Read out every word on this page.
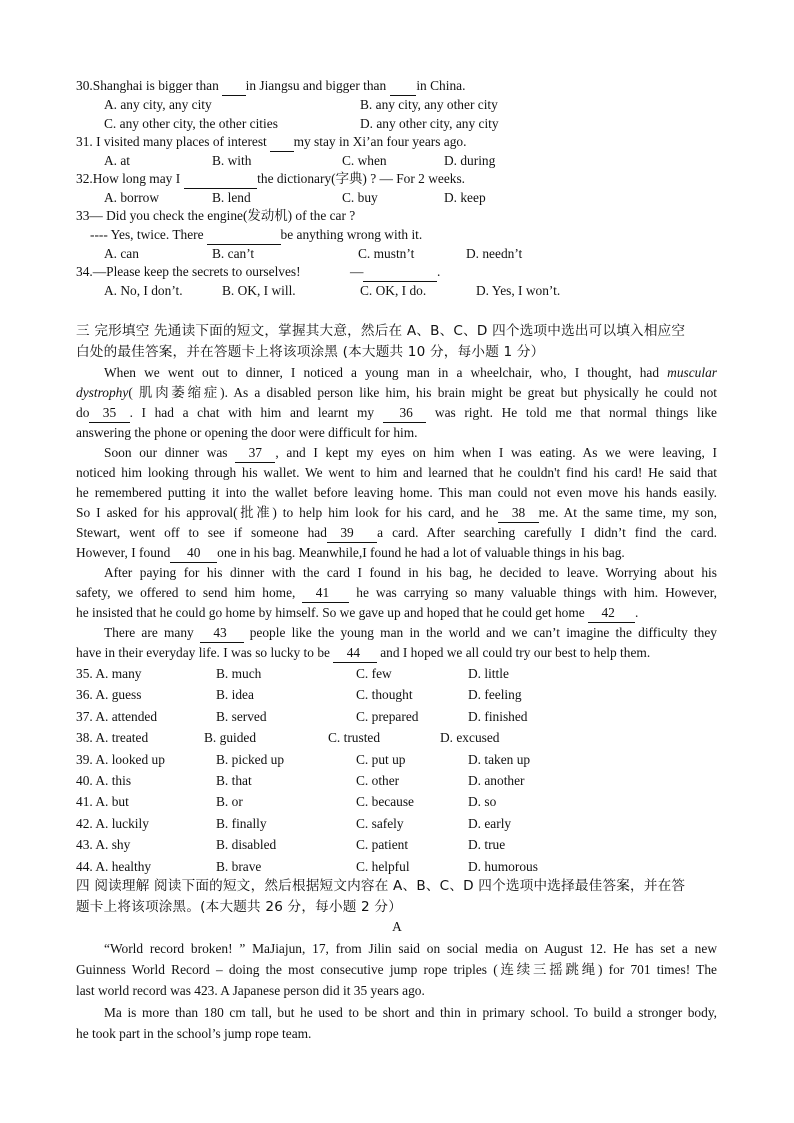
30.Shanghai is bigger than        in Jiangsu and bigger than         in China.
A. any city, any city	B. any city, any other city
C. any other city, the other cities	D. any other city, any city
31. I visited many places of interest        my stay in Xi’an four years ago.
A. at	B. with	C. when	D. during
32.How long may I	the dictionary(字典) ? — For 2 weeks.
A. borrow	B. lend	C. buy	D. keep
33— Did you check the engine(发动机) of the car ?
---- Yes, twice. There	be anything wrong with it.
A. can	B. can’t	C. mustn’t	D. needn’t
34.—Please keep the secrets to ourselves!	—	.
A. No, I don’t.	B. OK, I will.	C. OK, I do.	D. Yes, I won’t.
三 完形填空 先通读下面的短文，掌握其大意，然后在 A、B、C、D 四个选项中选出可以填入相应空
白处的最佳答案，并在答题卡上将该项涂黑 (本大题共 10 分，每小题 1 分）
When we went out to dinner, I noticed a young man in a wheelchair, who, I thought, had muscular
dystrophy( 肌肉萎缩症). As a disabled person like him, his brain might be great but physically he could not
do    35    . I had a chat with him and learnt my      36     was right. He told me that normal things like
answering the phone or opening the door were difficult for him.
Soon our dinner was     37    , and I kept my eyes on him when I was eating. As we were leaving, I
noticed him looking through his wallet. We went to him and learned that he couldn't find his card! He said that
he remembered putting it into the wallet before leaving home. This man could not even move his hands easily.
So I asked for his approval(批准) to help him look for his card, and he    38    me. At the same time, my son,
Stewart, went off to see if someone had    39       a card. After searching carefully I didn’t find the card.
However, I found     40     one in his bag. Meanwhile,I found he had a lot of valuable things in his bag.
After paying for his dinner with the card I found in his bag, he decided to leave. Worrying about his
safety, we offered to send him home,     41       he was carrying so many valuable things with him. However,
he insisted that he could go home by himself. So we gave up and hoped that he could get home     42      .
There are many     43      people like the young man in the world and we can’t imagine the difficulty they
have in their everyday life. I was so lucky to be     44      and I hoped we all could try our best to help them.
35. A. many	B. much	C. few	D. little
36. A. guess	B. idea	C. thought	D. feeling
37. A. attended	B. served	C. prepared	D. finished
38. A. treated	B. guided	C. trusted	D. excused
39. A. looked up	B. picked up	C. put up	D. taken up
40. A. this	B. that	C. other	D. another
41. A. but	B. or	C. because	D. so
42. A. luckily	B. finally	C. safely	D. early
43. A. shy	B. disabled	C. patient	D. true
44. A. healthy	B. brave	C. helpful	D. humorous
四 阅读理解 阅读下面的短文，然后根据短文内容在 A、B、C、D 四个选项中选择最佳答案，并在答
题卡上将该项涂黑。(本大题共 26 分，每小题 2 分）
A
“World record broken! ” MaJiajun, 17, from Jilin said on social media on August 12. He has set a new
Guinness World Record – doing the most consecutive jump rope triples (连续三摇跳绳) for 701 times! The
last world record was 423. A Japanese person did it 35 years ago.
Ma is more than 180 cm tall, but he used to be short and thin in primary school. To build a stronger body,
he took part in the school’s jump rope team.
